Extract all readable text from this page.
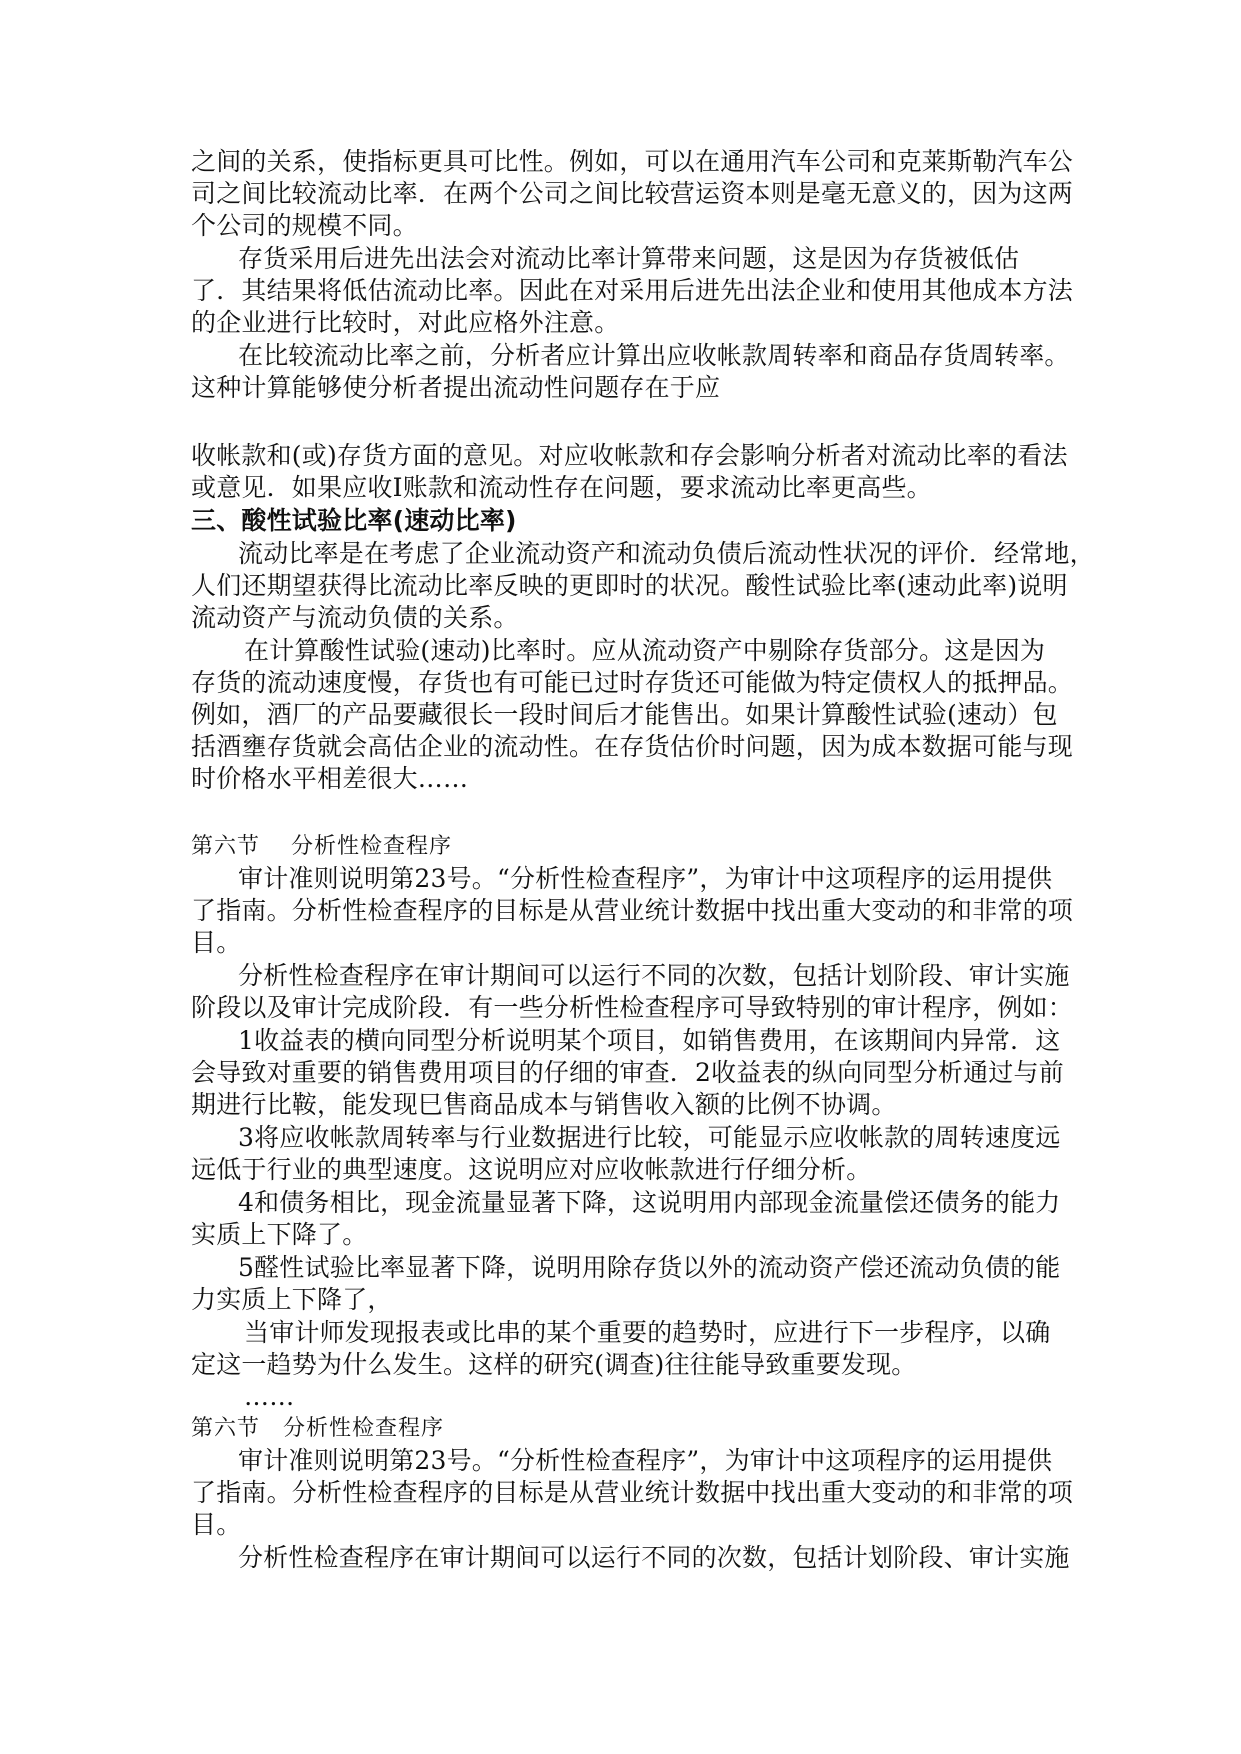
之间的关系，使指标更具可比性。例如，可以在通用汽车公司和克莱斯勒汽车公
司之间比较流动比率．在两个公司之间比较营运资本则是毫无意义的，因为这两
个公司的规模不同。
存货采用后进先出法会对流动比率计算带来问题，这是因为存货被低估
了．其结果将低估流动比率。因此在对采用后进先出法企业和使用其他成本方法
的企业进行比较时，对此应格外注意。
在比较流动比率之前，分析者应计算出应收帐款周转率和商品存货周转率。
这种计算能够使分析者提出流动性问题存在于应
收帐款和(或)存货方面的意见。对应收帐款和存会影响分析者对流动比率的看法
或意见．如果应收Ⅰ账款和流动性存在问题，要求流动比率更高些。
三、酸性试验比率(速动比率)
流动比率是在考虑了企业流动资产和流动负债后流动性状况的评价．经常地，
人们还期望获得比流动比率反映的更即时的状况。酸性试验比率(速动此率)说明
流动资产与流动负债的关系。
在计算酸性试验(速动)比率时。应从流动资产中剔除存货部分。这是因为
存货的流动速度慢，存货也有可能已过时存货还可能做为特定债权人的抵押品。
例如，酒厂的产品要藏很长一段时间后才能售出。如果计算酸性试验(速动）包
括酒壅存货就会高估企业的流动性。在存货估价时问题，因为成本数据可能与现
时价格水平相差很大……
第六节　 分析性检查程序
审计准则说明第23号。“分析性检查程序”，为审计中这项程序的运用提供
了指南。分析性检查程序的目标是从营业统计数据中找出重大变动的和非常的项
目。
分析性检查程序在审计期间可以运行不同的次数，包括计划阶段、审计实施
阶段以及审计完成阶段．有一些分析性检查程序可导致特别的审计程序，例如：
1收益表的横向同型分析说明某个项目，如销售费用，在该期间内异常．这
会导致对重要的销售费用项目的仔细的审查．2收益表的纵向同型分析通过与前
期进行比鞍，能发现巳售商品成本与销售收入额的比例不协调。
3将应收帐款周转率与行业数据进行比较，可能显示应收帐款的周转速度远
远低于行业的典型速度。这说明应对应收帐款进行仔细分析。
4和债务相比，现金流量显著下降，这说明用内部现金流量偿还债务的能力
实质上下降了。
5醛性试验比率显著下降，说明用除存货以外的流动资产偿还流动负债的能
力实质上下降了，
当审计师发现报表或比串的某个重要的趋势时，应进行下一步程序，以确
定这一趋势为什么发生。这样的研究(调查)往往能导致重要发现。
……
第六节　分析性检查程序
审计准则说明第23号。“分析性检查程序”，为审计中这项程序的运用提供
了指南。分析性检查程序的目标是从营业统计数据中找出重大变动的和非常的项
目。
分析性检查程序在审计期间可以运行不同的次数，包括计划阶段、审计实施
